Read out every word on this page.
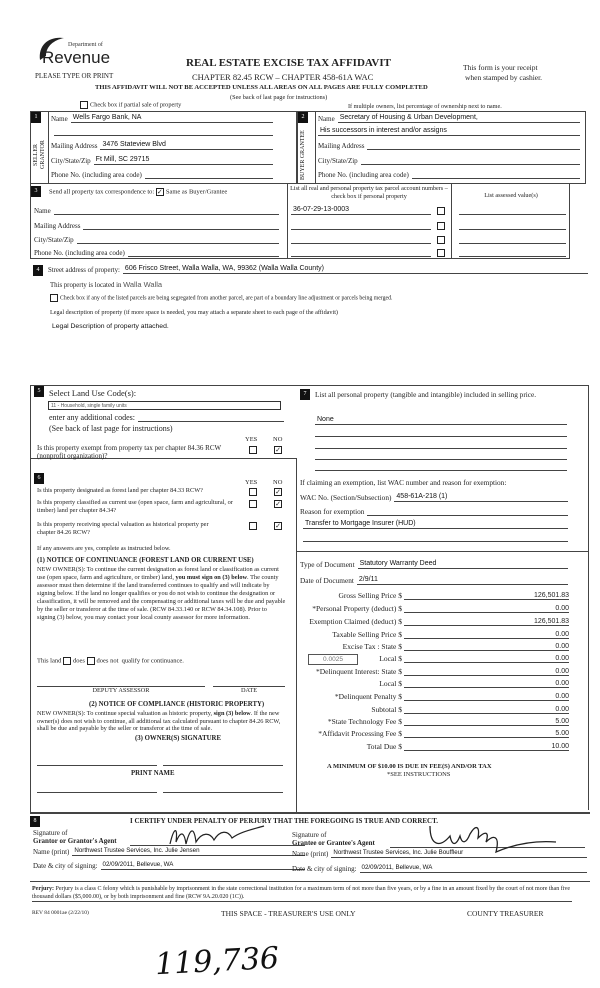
Revenue
Department of
PLEASE TYPE OR PRINT
REAL ESTATE EXCISE TAX AFFIDAVIT
CHAPTER 82.45 RCW – CHAPTER 458-61A WAC
This form is your receipt
when stamped by cashier.
THIS AFFIDAVIT WILL NOT BE ACCEPTED UNLESS ALL AREAS ON ALL PAGES ARE FULLY COMPLETED
(See back of last page for instructions)
Check box if partial sale of property	If multiple owners, list percentage of ownership next to name.
1
SELLER GRANTOR
Name Wells Fargo Bank, NA
Mailing Address 3476 Stateview Blvd
City/State/Zip Ft Mill, SC 29715
Phone No. (including area code)
2
BUYER GRANTEE
Name Secretary of Housing & Urban Development,
His successors in interest and/or assigns
Mailing Address
City/State/Zip
Phone No. (including area code)
3	Send all property tax correspondence to: ✓ Same as Buyer/Grantee
Name
Mailing Address
City/State/Zip
Phone No. (including area code)
List all real and personal property tax parcel account numbers – check box if personal property	List assessed value(s)
36-07-29-13-0003
4	Street address of property: 606 Frisco Street, Walla Walla, WA, 99362 (Walla Walla County)
This property is located in Walla Walla
Check box if any of the listed parcels are being segregated from another parcel, are part of a boundary line adjustment or parcels being merged.
Legal description of property (if more space is needed, you may attach a separate sheet to each page of the affidavit)
Legal Description of property attached.
5	Select Land Use Code(s):
11 - Household, single family units
enter any additional codes:
(See back of last page for instructions)
YES NO
Is this property exempt from property tax per chapter 84.36 RCW (nonprofit organization)?
✓
6
YES NO
Is this property designated as forest land per chapter 84.33 RCW?	✓
Is this property classified as current use (open space, farm and agricultural, or timber) land per chapter 84.34?
✓
Is this property receiving special valuation as historical property per chapter 84.26 RCW?
✓
If any answers are yes, complete as instructed below.
(1) NOTICE OF CONTINUANCE (FOREST LAND OR CURRENT USE)
NEW OWNER(S): To continue the current designation as forest land or classification as current use (open space, farm and agriculture, or timber) land, you must sign on (3) below. The county assessor must then determine if the land transferred continues to qualify and will indicate by signing below. If the land no longer qualifies or you do not wish to continue the designation or classification, it will be removed and the compensating or additional taxes will be due and payable by the seller or transferor at the time of sale. (RCW 84.33.140 or RCW 84.34.108). Prior to signing (3) below, you may contact your local county assessor for more information.
This land does does not qualify for continuance.
DEPUTY ASSESSOR	DATE
(2) NOTICE OF COMPLIANCE (HISTORIC PROPERTY)
NEW OWNER(S): To continue special valuation as historic property, sign (3) below. If the new owner(s) does not wish to continue, all additional tax calculated pursuant to chapter 84.26 RCW, shall be due and payable by the seller or transferor at the time of sale.
(3) OWNER(S) SIGNATURE
PRINT NAME
7	List all personal property (tangible and intangible) included in selling price.
None
If claiming an exemption, list WAC number and reason for exemption:
WAC No. (Section/Subsection) 458-61A-218 (1)
Reason for exemption
Transfer to Mortgage Insurer (HUD)
Type of Document Statutory Warranty Deed
Date of Document 2/9/11
Gross Selling Price $	126,501.83
*Personal Property (deduct) $	0.00
Exemption Claimed (deduct) $	126,501.83
Taxable Selling Price $	0.00
Excise Tax : State $	0.00
0.0025	Local $	0.00
*Delinquent Interest: State $	0.00
Local $	0.00
*Delinquent Penalty $	0.00
Subtotal $	0.00
*State Technology Fee $	5.00
*Affidavit Processing Fee $	5.00
Total Due $	10.00
A MINIMUM OF $10.00 IS DUE IN FEE(S) AND/OR TAX
*SEE INSTRUCTIONS
8	I CERTIFY UNDER PENALTY OF PERJURY THAT THE FOREGOING IS TRUE AND CORRECT.
Signature of
Grantor or Grantor's Agent
Name (print) Northwest Trustee Services, Inc. Julie Jensen
Date & city of signing: 02/09/2011, Bellevue, WA
Signature of
Grantee or Grantee's Agent
Name (print) Northwest Trustee Services, Inc. Julie Bouffleur
Date & city of signing: 02/09/2011, Bellevue, WA
Perjury: Perjury is a class C felony which is punishable by imprisonment in the state correctional institution for a maximum term of not more than five years, or by a fine in an amount fixed by the court of not more than five thousand dollars ($5,000.00), or by both imprisonment and fine (RCW 9A.20.020 (1C)).
REV 84 0001ae (2/22/10)	THIS SPACE - TREASURER'S USE ONLY	COUNTY TREASURER
119,736
